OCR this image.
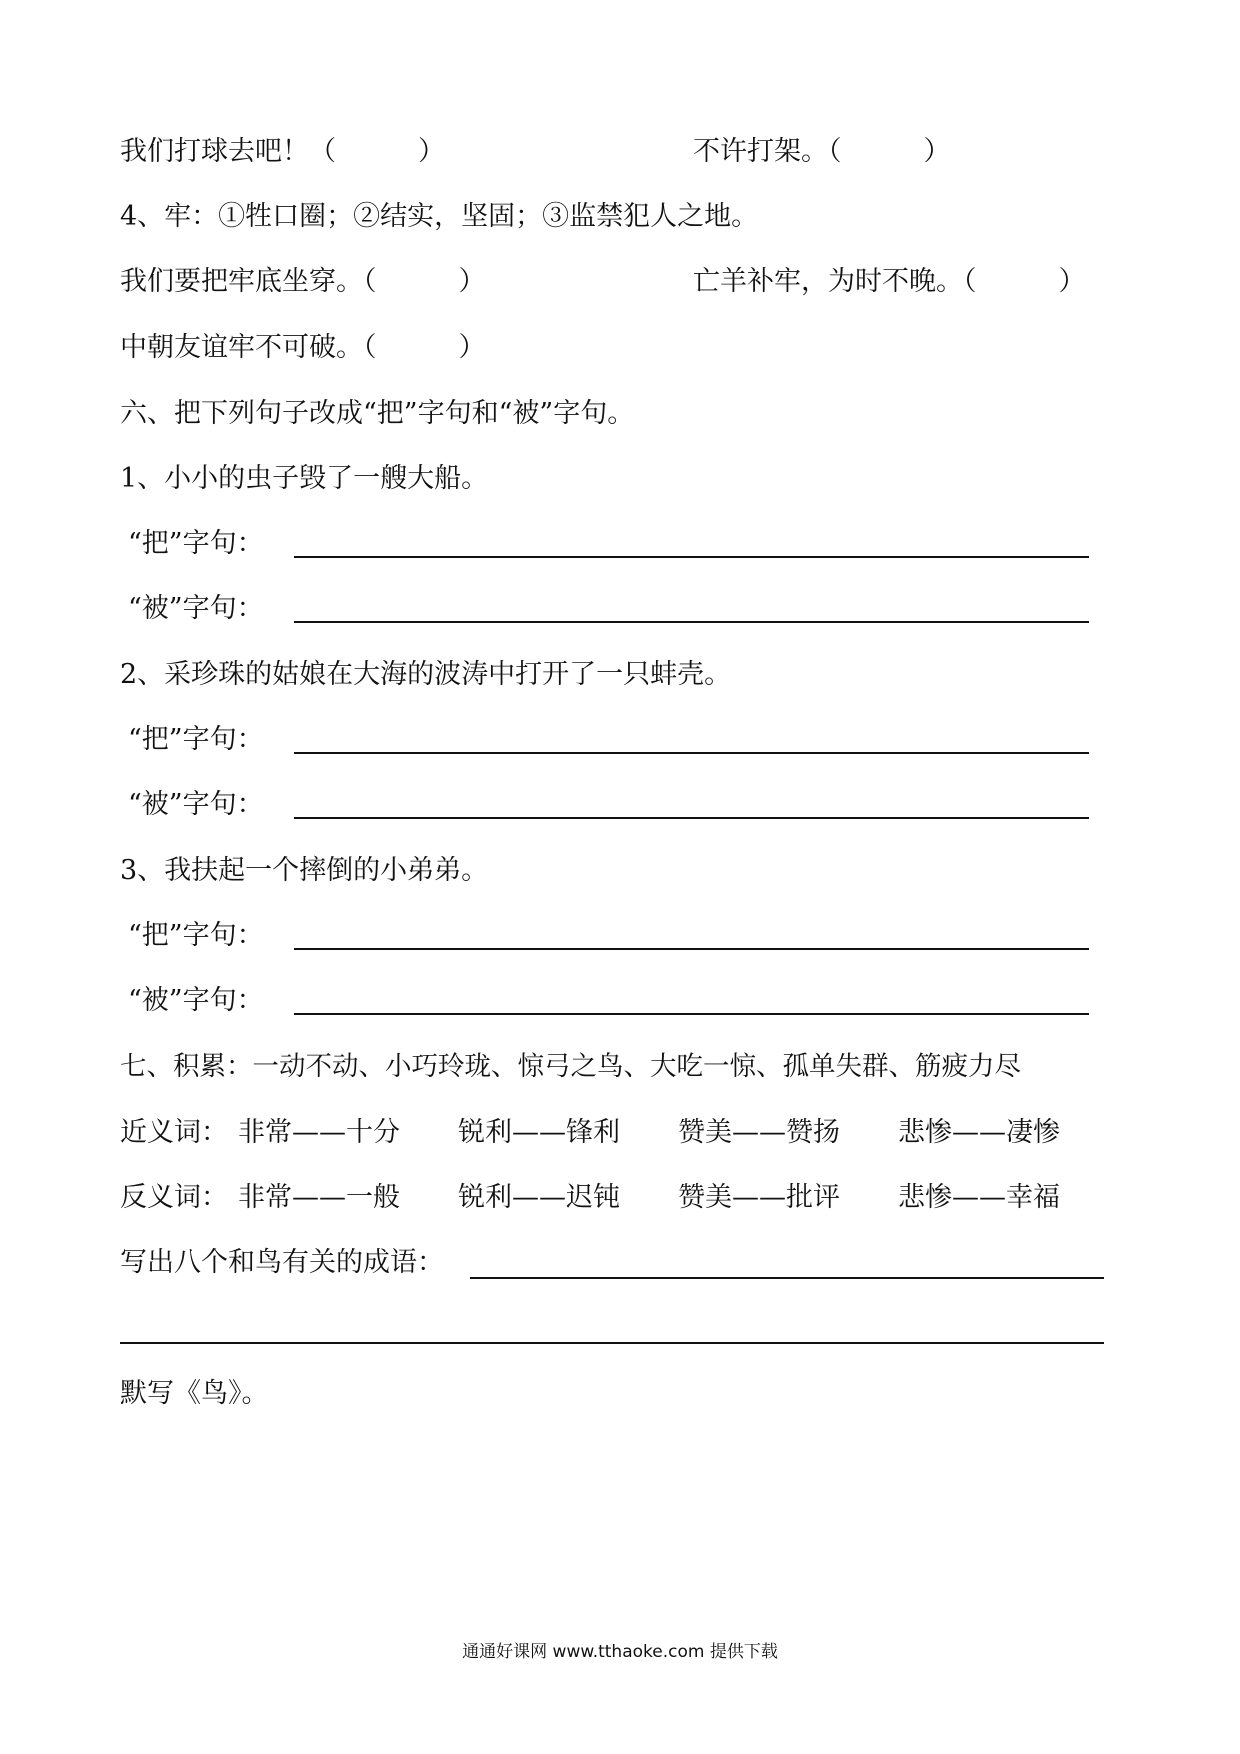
我们打球去吧！（	）	不许打架。（	）
4、牢：①牲口圈；②结实，坚固；③监禁犯人之地。
我们要把牢底坐穿。（	）	亡羊补牢，为时不晚。（	）
中朝友谊牢不可破。（	）
六、把下列句子改成“把”字句和“被”字句。
1、小小的虫子毁了一艘大船。
“把”字句：
“被”字句：
2、采珍珠的姑娘在大海的波涛中打开了一只蚌壳。
“把”字句：
“被”字句：
3、我扶起一个摔倒的小弟弟。
“把”字句：
“被”字句：
七、积累：一动不动、小巧玲珑、惊弓之鸟、大吃一惊、孤单失群、筋疲力尽
近义词： 非常——十分 锐利——锋利 赞美——赞扬 悲惨——凄惨
反义词： 非常——一般 锐利——迟钝 赞美——批评 悲惨——幸福
写出八个和鸟有关的成语：
默写《鸟》。
通通好课网 www.tthaoke.com 提供下载
